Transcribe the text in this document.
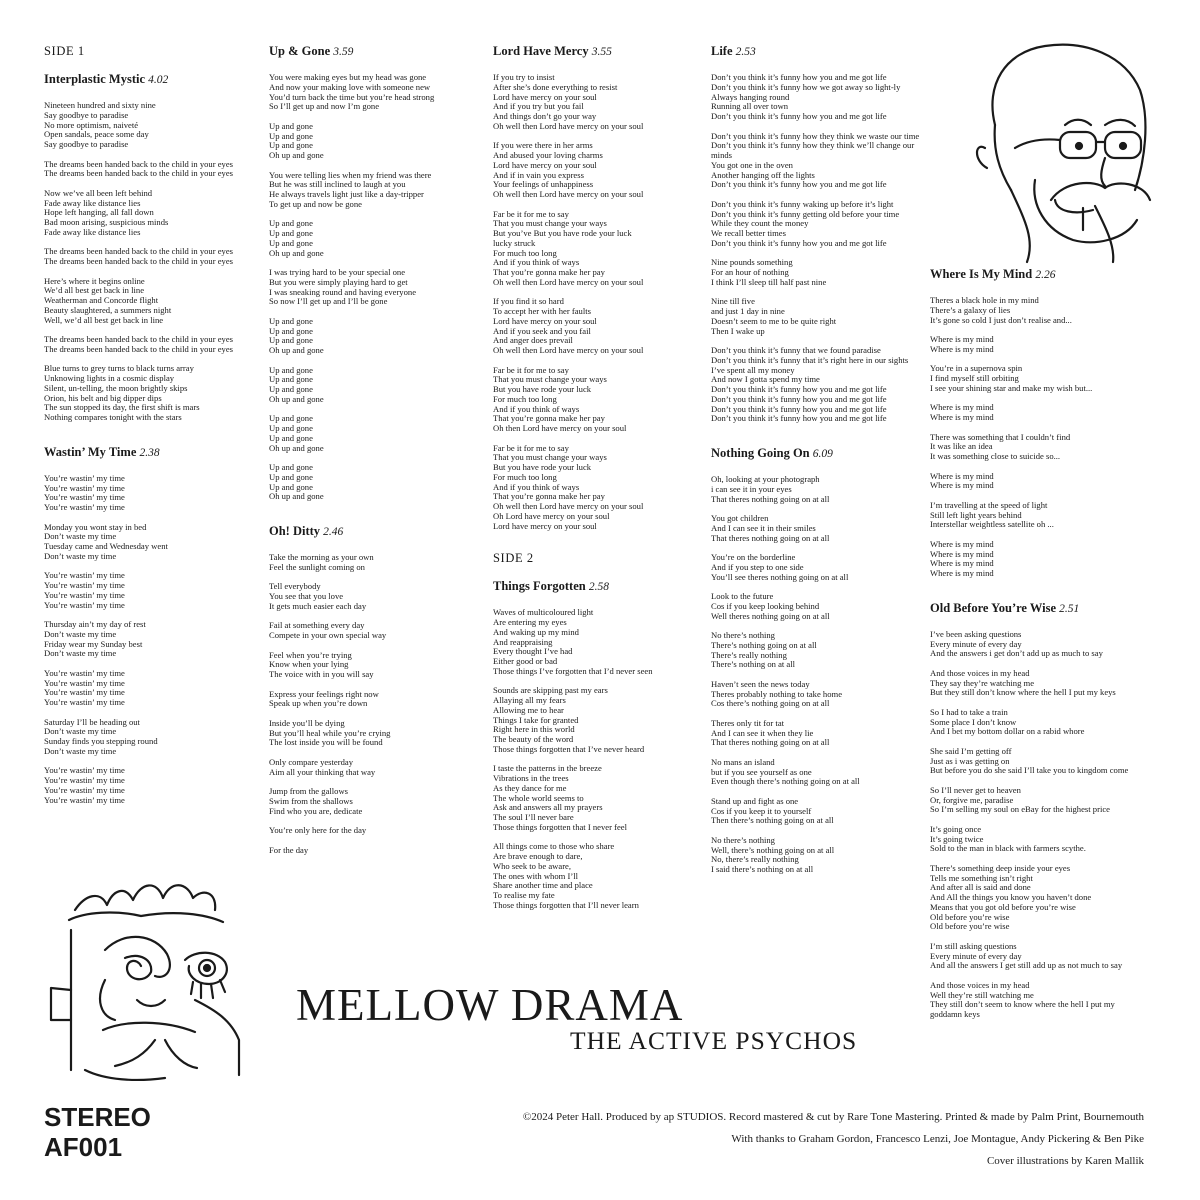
SIDE 1
Interplastic Mystic 4.02
Nineteen hundred and sixty nine
Say goodbye to paradise
No more optimism, naiveté
Open sandals, peace some day
Say goodbye to paradise
The dreams been handed back to the child in your eyes
The dreams been handed back to the child in your eyes
Now we’ve all been left behind
Fade away like distance lies
Hope left hanging, all fall down
Bad moon arising, suspicious minds
Fade away like distance lies
The dreams been handed back to the child in your eyes
The dreams been handed back to the child in your eyes
Here’s where it begins online
We’d all best get back in line
Weatherman and Concorde flight
Beauty slaughtered, a summers night
Well, we’d all best get back in line
The dreams been handed back to the child in your eyes
The dreams been handed back to the child in your eyes
Blue turns to grey turns to black turns array
Unknowing lights in a cosmic display
Silent, un-telling, the moon brightly skips
Orion, his belt and big dipper dips
The sun stopped its day, the first shift is mars
Nothing compares tonight with the stars
Wastin’ My Time 2.38
You’re wastin’ my time
You’re wastin’ my time
You’re wastin’ my time
You’re wastin’ my time
Monday you wont stay in bed
Don’t waste my time
Tuesday came and Wednesday went
Don’t waste my time
You’re wastin’ my time
You’re wastin’ my time
You’re wastin’ my time
You’re wastin’ my time
Thursday ain’t my day of rest
Don’t waste my time
Friday wear my Sunday best
Don’t waste my time
You’re wastin’ my time
You’re wastin’ my time
You’re wastin’ my time
You’re wastin’ my time
Saturday I’ll be heading out
Don’t waste my time
Sunday finds you stepping round
Don’t waste my time
You’re wastin’ my time
You’re wastin’ my time
You’re wastin’ my time
You’re wastin’ my time
Up & Gone 3.59
You were making eyes but my head was gone
And now your making love with someone new
You’d turn back the time but you’re head strong
So I’ll get up and now I’m gone
Up and gone
Up and gone
Up and gone
Oh up and gone
You were telling lies when my friend was there
But he was still inclined to laugh at you
He always travels light just like a day-tripper
To get up and now be gone
Up and gone
Up and gone
Up and gone
Oh up and gone
I was trying hard to be your special one
But you were simply playing hard to get
I was sneaking round and having everyone
So now I’ll get up and I’ll be gone
Up and gone
Up and gone
Up and gone
Oh up and gone
Up and gone
Up and gone
Up and gone
Oh up and gone
Up and gone
Up and gone
Up and gone
Oh up and gone
Up and gone
Up and gone
Up and gone
Oh up and gone
Oh! Ditty 2.46
Take the morning as your own
Feel the sunlight coming on
Tell everybody
You see that you love
It gets much easier each day
Fail at something every day
Compete in your own special way
Feel when you’re trying
Know when your lying
The voice with in you will say
Express your feelings right now
Speak up when you’re down
Inside you’ll be dying
But you’ll heal while you’re crying
The lost inside you will be found
Only compare yesterday
Aim all your thinking that way
Jump from the gallows
Swim from the shallows
Find who you are, dedicate
You’re only here for the day
For the day
Lord Have Mercy 3.55
If you try to insist
After she’s done everything to resist
Lord have mercy on your soul
And if you try but you fail
And things don’t go your way
Oh well then Lord have mercy on your soul
If you were there in her arms
And abused your loving charms
Lord have mercy on your soul
And if in vain you express
Your feelings of unhappiness
Oh well then Lord have mercy on your soul
Far be it for me to say
That you must change your ways
But you’ve But you have rode your luck
lucky struck
For much too long
And if you think of ways
That you’re gonna make her pay
Oh well then Lord have mercy on your soul
If you find it so hard
To accept her with her faults
Lord have mercy on your soul
And if you seek and you fail
And anger does prevail
Oh well then Lord have mercy on your soul
Far be it for me to say
That you must change your ways
But you have rode your luck
For much too long
And if you think of ways
That you’re gonna make her pay
Oh then Lord have mercy on your soul
Far be it for me to say
That you must change your ways
But you have rode your luck
For much too long
And if you think of ways
That you’re gonna make her pay
Oh well then Lord have mercy on your soul
Oh Lord have mercy on your soul
Lord have mercy on your soul
SIDE 2
Things Forgotten 2.58
Waves of multicoloured light
Are entering my eyes
And waking up my mind
And reappraising
Every thought I’ve had
Either good or bad
Those things I’ve forgotten that I’d never seen
Sounds are skipping past my ears
Allaying all my fears
Allowing me to hear
Things I take for granted
Right here in this world
The beauty of the word
Those things forgotten that I’ve never heard
I taste the patterns in the breeze
Vibrations in the trees
As they dance for me
The whole world seems to
Ask and answers all my prayers
The soul I’ll never bare
Those things forgotten that I never feel
All things come to those who share
Are brave enough to dare,
Who seek to be aware,
The ones with whom I’ll
Share another time and place
To realise my fate
Those things forgotten that I’ll never learn
Life 2.53
Don’t you think it’s funny how you and me got life
Don’t you think it’s funny how we got away so light-ly
Always hanging round
Running all over town
Don’t you think it’s funny how you and me got life
Don’t you think it’s funny how they think we waste our time
Don’t you think it’s funny how they think we’ll change our
minds
You got one in the oven
Another hanging off the lights
Don’t you think it’s funny how you and me got life
Don’t you think it’s funny waking up before it’s light
Don’t you think it’s funny getting old before your time
While they count the money
We recall better times
Don’t you think it’s funny how you and me got life
Nine pounds something
For an hour of nothing
I think I’ll sleep till half past nine
Nine till five
and just 1 day in nine
Doesn’t seem to me to be quite right
Then I wake up
Don’t you think it’s funny that we found paradise
Don’t you think it’s funny that it’s right here in our sights
I’ve spent all my money
And now I gotta spend my time
Don’t you think it’s funny how you and me got life
Don’t you think it’s funny how you and me got life
Don’t you think it’s funny how you and me got life
Don’t you think it’s funny how you and me got life
Nothing Going On 6.09
Oh, looking at your photograph
i can see it in your eyes
That theres nothing going on at all
You got children
And I can see it in their smiles
That theres nothing going on at all
You’re on the borderline
And if you step to one side
You’ll see theres nothing going on at all
Look to the future
Cos if you keep looking behind
Well theres nothing going on at all
No there’s nothing
There’s nothing going on at all
There’s really nothing
There’s nothing on at all
Haven’t seen the news today
Theres probably nothing to take home
Cos there’s nothing going on at all
Theres only tit for tat
And I can see it when they lie
That theres nothing going on at all
No mans an island
but if you see yourself as one
Even though there’s nothing going on at all
Stand up and fight as one
Cos if you keep it to yourself
Then there’s nothing going on at all
No there’s nothing
Well, there’s nothing going on at all
No, there’s really nothing
I said there’s nothing on at all
Where Is My Mind 2.26
Theres a black hole in my mind
There’s a galaxy of lies
It’s gone so cold I just don’t realise and...
Where is my mind
Where is my mind
You’re in a supernova spin
I find myself still orbiting
I see your shining star and make my wish but...
Where is my mind
Where is my mind
There was something that I couldn’t find
It was like an idea
It was something close to suicide so...
Where is my mind
Where is my mind
I’m travelling at the speed of light
Still left light years behind
Interstellar weightless satellite oh ...
Where is my mind
Where is my mind
Where is my mind
Where is my mind
Old Before You’re Wise 2.51
I’ve been asking questions
Every minute of every day
And the answers i get don’t add up as much to say
And those voices in my head
They say they’re watching me
But they still don’t know where the hell I put my keys
So I had to take a train
Some place I don’t know
And I bet my bottom dollar on a rabid whore
She said I’m getting off
Just as i was getting on
But before you do she said I’ll take you to kingdom come
So I’ll never get to heaven
Or, forgive me, paradise
So I’m selling my soul on eBay for the highest price
It’s going once
It’s going twice
Sold to the man in black with farmers scythe.
There’s something deep inside your eyes
Tells me something isn’t right
And after all is said and done
And All the things you know you haven’t done
Means that you got old before you’re wise
Old before you’re wise
Old before you’re wise
I’m still asking questions
Every minute of every day
And all the answers I get still add up as not much to say
And those voices in my head
Well they’re still watching me
They still don’t seem to know where the hell I put my
goddamn keys
MELLOW DRAMA
THE ACTIVE PSYCHOS
STEREO
AF001
©2024 Peter Hall. Produced by ap STUDIOS. Record mastered & cut by Rare Tone Mastering. Printed & made by Palm Print, Bournemouth
With thanks to Graham Gordon, Francesco Lenzi, Joe Montague, Andy Pickering & Ben Pike
Cover illustrations by Karen Mallik
